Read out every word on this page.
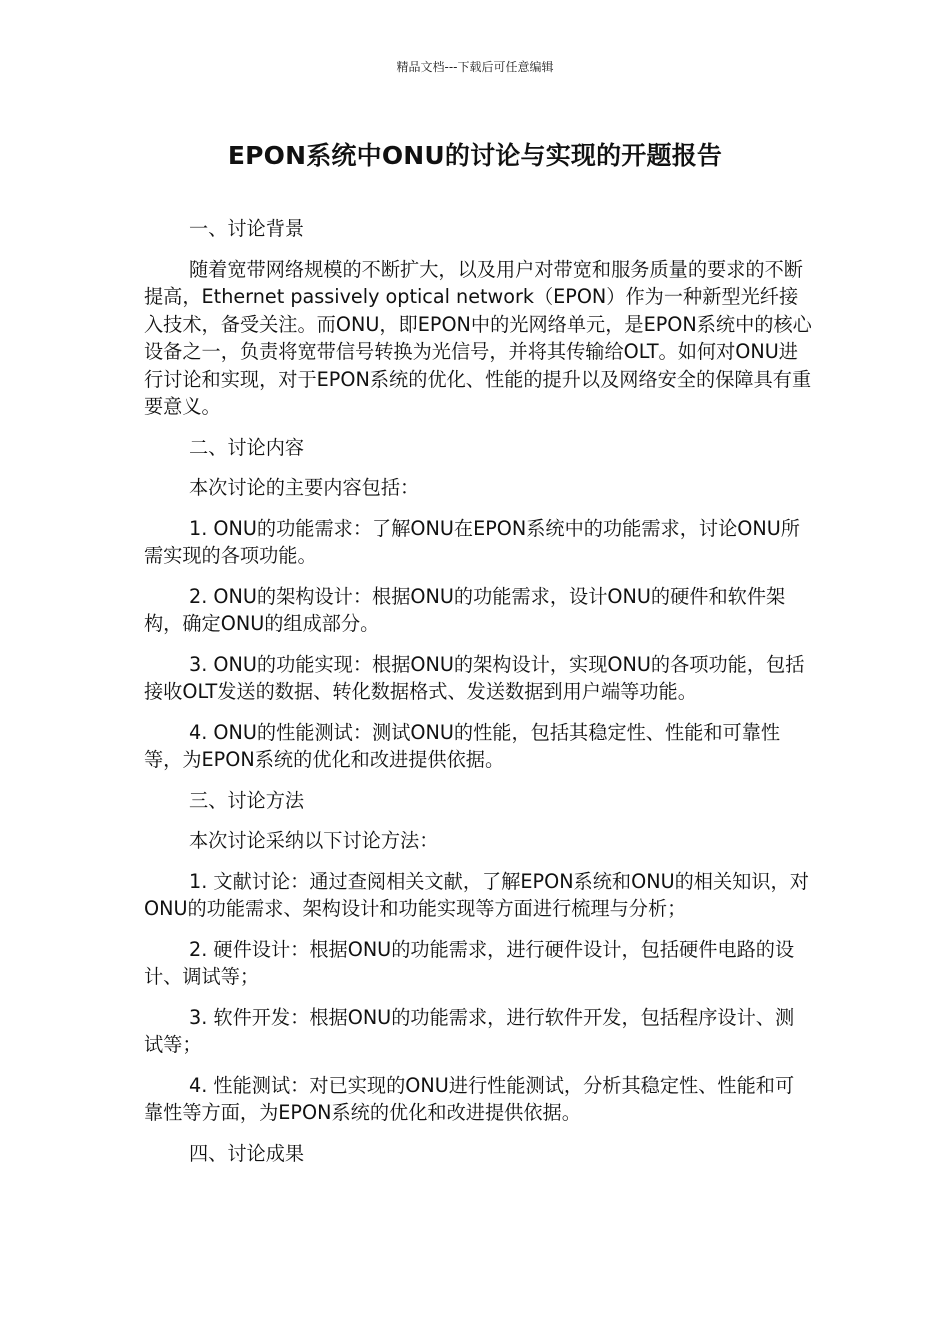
精品文档---下载后可任意编辑
EPON系统中ONU的讨论与实现的开题报告

一、讨论背景

随着宽带网络规模的不断扩大，以及用户对带宽和服务质量的要求的不断提高，Ethernet passively optical network（EPON）作为一种新型光纤接入技术，备受关注。而ONU，即EPON中的光网络单元，是EPON系统中的核心设备之一，负责将宽带信号转换为光信号，并将其传输给OLT。如何对ONU进行讨论和实现，对于EPON系统的优化、性能的提升以及网络安全的保障具有重要意义。

二、讨论内容

本次讨论的主要内容包括：

1. ONU的功能需求：了解ONU在EPON系统中的功能需求，讨论ONU所需实现的各项功能。

2. ONU的架构设计：根据ONU的功能需求，设计ONU的硬件和软件架构，确定ONU的组成部分。

3. ONU的功能实现：根据ONU的架构设计，实现ONU的各项功能，包括接收OLT发送的数据、转化数据格式、发送数据到用户端等功能。

4. ONU的性能测试：测试ONU的性能，包括其稳定性、性能和可靠性等，为EPON系统的优化和改进提供依据。

三、讨论方法

本次讨论采纳以下讨论方法：

1. 文献讨论：通过查阅相关文献，了解EPON系统和ONU的相关知识，对ONU的功能需求、架构设计和功能实现等方面进行梳理与分析；

2. 硬件设计：根据ONU的功能需求，进行硬件设计，包括硬件电路的设计、调试等；

3. 软件开发：根据ONU的功能需求，进行软件开发，包括程序设计、测试等；

4. 性能测试：对已实现的ONU进行性能测试，分析其稳定性、性能和可靠性等方面，为EPON系统的优化和改进提供依据。

四、讨论成果
